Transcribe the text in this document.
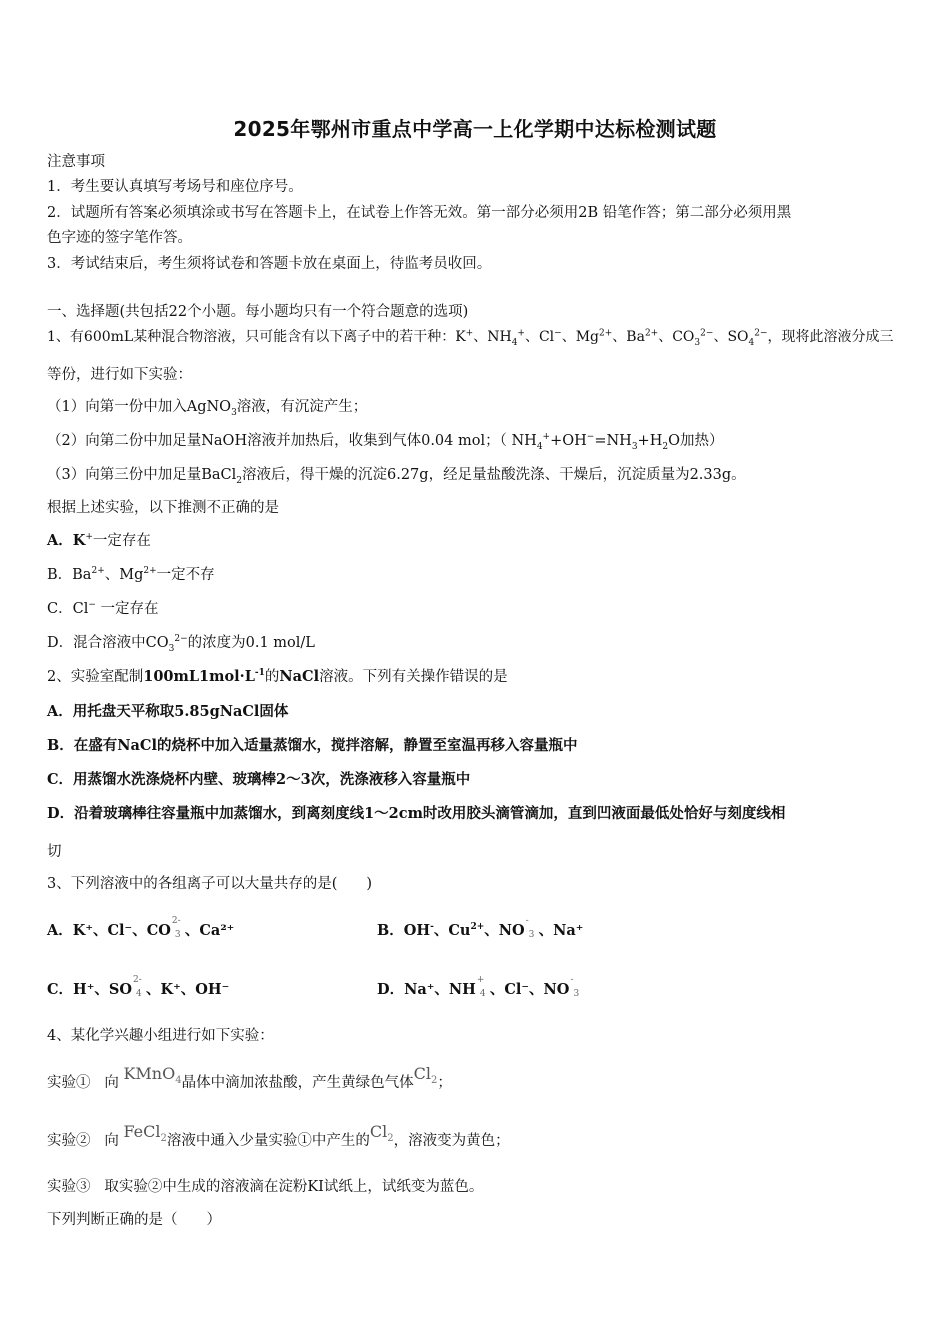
2025年鄂州市重点中学高一上化学期中达标检测试题
注意事项
1．考生要认真填写考场号和座位序号。
2．试题所有答案必须填涂或书写在答题卡上，在试卷上作答无效。第一部分必须用2B 铅笔作答；第二部分必须用黑
色字迹的签字笔作答。
3．考试结束后，考生须将试卷和答题卡放在桌面上，待监考员收回。
一、选择题(共包括22个小题。每小题均只有一个符合题意的选项)
1、有600mL某种混合物溶液，只可能含有以下离子中的若干种：K+、$NH_4^+$、Cl−、$Mg^{2+}$、$Ba^{2+}$、$CO_3^{2-}$、$SO_4^{2-}$，现将此溶液分成三
等份，进行如下实验：
（1）向第一份中加入AgNO$_3$溶液，有沉淀产生；
（2）向第二份中加足量NaOH溶液并加热后，收集到气体0.04 mol；（ $NH_4^++OH^-=NH_3+H_2O$加热）
（3）向第三份中加足量BaCl$_2$溶液后，得干燥的沉淀6.27g，经足量盐酸洗涤、干燥后，沉淀质量为2.33g。
根据上述实验，以下推测不正确的是
A．K+一定存在
B．$Ba^{2+}$、$Mg^{2+}$一定不存
C．Cl− 一定存在
D．混合溶液中$CO_3^{2-}$的浓度为0.1 mol/L
2、实验室配制$100mL1mol\cdot L^{-1}$的NaCl溶液。下列有关操作错误的是
A．用托盘天平称取5.85gNaCl固体
B．在盛有NaCl的烧杯中加入适量蒸馏水，搅拌溶解，静置至室温再移入容量瓶中
C．用蒸馏水洗涤烧杯内壁、玻璃棒2～3次，洗涤液移入容量瓶中
D．沿着玻璃棒往容量瓶中加蒸馏水，到离刻度线1～2cm时改用胶头滴管滴加，直到凹液面最低处恰好与刻度线相
切
3、下列溶液中的各组离子可以大量共存的是(　　)
A．K⁺、Cl⁻、CO
2-
3 、Ca²⁺	B．OH-、$Cu^{2+}$、NO
-
3 、Na⁺
C．H⁺、SO
2-
4 、K⁺、OH⁻	D．Na⁺、NH
+
4 、Cl⁻、NO
-
3
4、某化学兴趣小组进行如下实验：
实验① 向 KMnO$_4$晶体中滴加浓盐酸，产生黄绿色气体$Cl_2$；
实验② 向 FeCl$_2$溶液中通入少量实验①中产生的$Cl_2$，溶液变为黄色；
实验③ 取实验②中生成的溶液滴在淀粉KI试纸上，试纸变为蓝色。
下列判断正确的是（　　）
